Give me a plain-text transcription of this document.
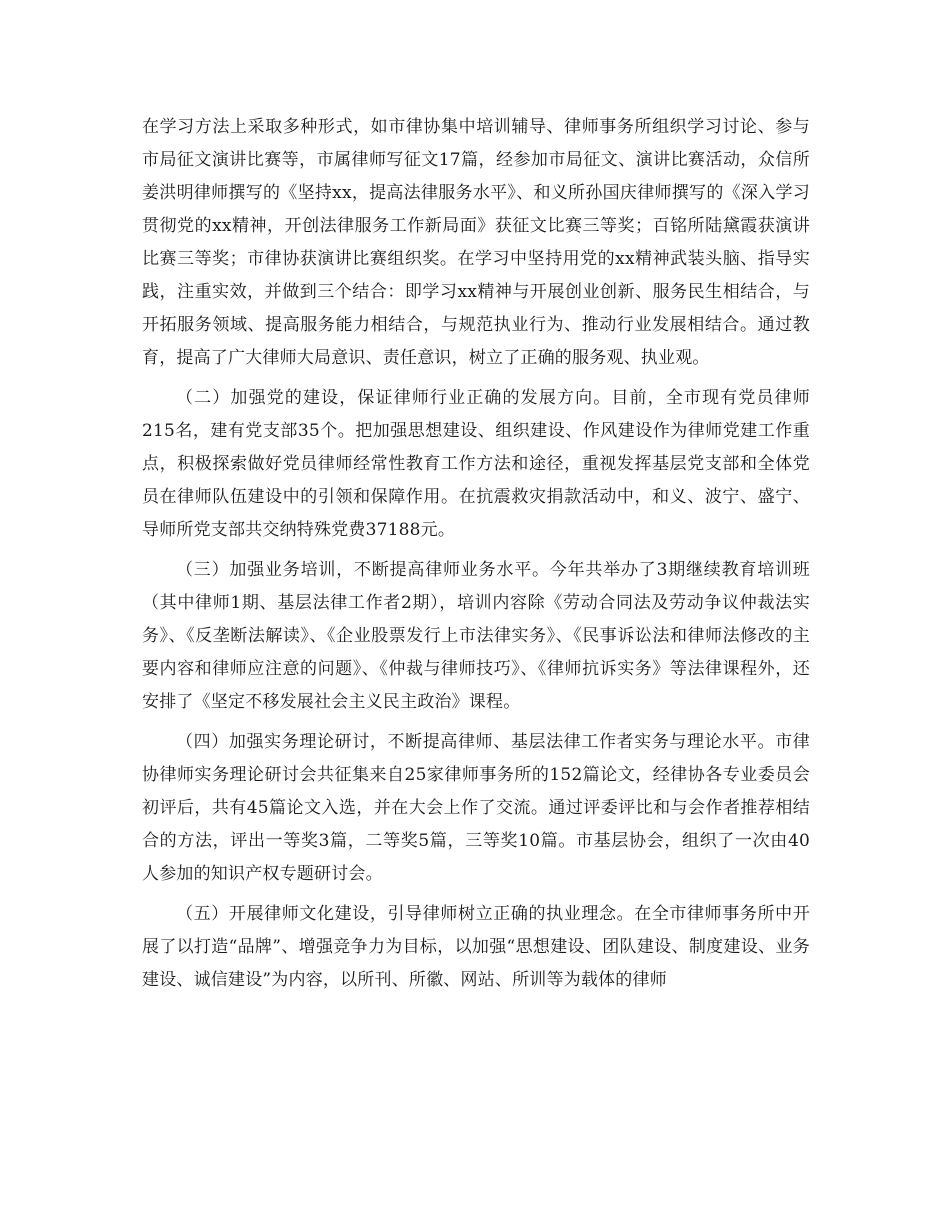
在学习方法上采取多种形式，如市律协集中培训辅导、律师事务所组织学习讨论、参与市局征文演讲比赛等，市属律师写征文17篇，经参加市局征文、演讲比赛活动，众信所姜洪明律师撰写的《坚持xx，提高法律服务水平》、和义所孙国庆律师撰写的《深入学习贯彻党的xx精神，开创法律服务工作新局面》获征文比赛三等奖；百铭所陆黛霞获演讲比赛三等奖；市律协获演讲比赛组织奖。在学习中坚持用党的xx精神武装头脑、指导实践，注重实效，并做到三个结合：即学习xx精神与开展创业创新、服务民生相结合，与开拓服务领域、提高服务能力相结合，与规范执业行为、推动行业发展相结合。通过教育，提高了广大律师大局意识、责任意识，树立了正确的服务观、执业观。

（二）加强党的建设，保证律师行业正确的发展方向。目前，全市现有党员律师215名，建有党支部35个。把加强思想建设、组织建设、作风建设作为律师党建工作重点，积极探索做好党员律师经常性教育工作方法和途径，重视发挥基层党支部和全体党员在律师队伍建设中的引领和保障作用。在抗震救灾捐款活动中，和义、波宁、盛宁、导师所党支部共交纳特殊党费37188元。

（三）加强业务培训，不断提高律师业务水平。今年共举办了3期继续教育培训班（其中律师1期、基层法律工作者2期），培训内容除《劳动合同法及劳动争议仲裁法实务》、《反垄断法解读》、《企业股票发行上市法律实务》、《民事诉讼法和律师法修改的主要内容和律师应注意的问题》、《仲裁与律师技巧》、《律师抗诉实务》等法律课程外，还安排了《坚定不移发展社会主义民主政治》课程。

（四）加强实务理论研讨，不断提高律师、基层法律工作者实务与理论水平。市律协律师实务理论研讨会共征集来自25家律师事务所的152篇论文，经律协各专业委员会初评后，共有45篇论文入选，并在大会上作了交流。通过评委评比和与会作者推荐相结合的方法，评出一等奖3篇，二等奖5篇，三等奖10篇。市基层协会，组织了一次由40人参加的知识产权专题研讨会。

（五）开展律师文化建设，引导律师树立正确的执业理念。在全市律师事务所中开展了以打造“品牌”、增强竞争力为目标，以加强“思想建设、团队建设、制度建设、业务建设、诚信建设”为内容，以所刊、所徽、网站、所训等为载体的律师
